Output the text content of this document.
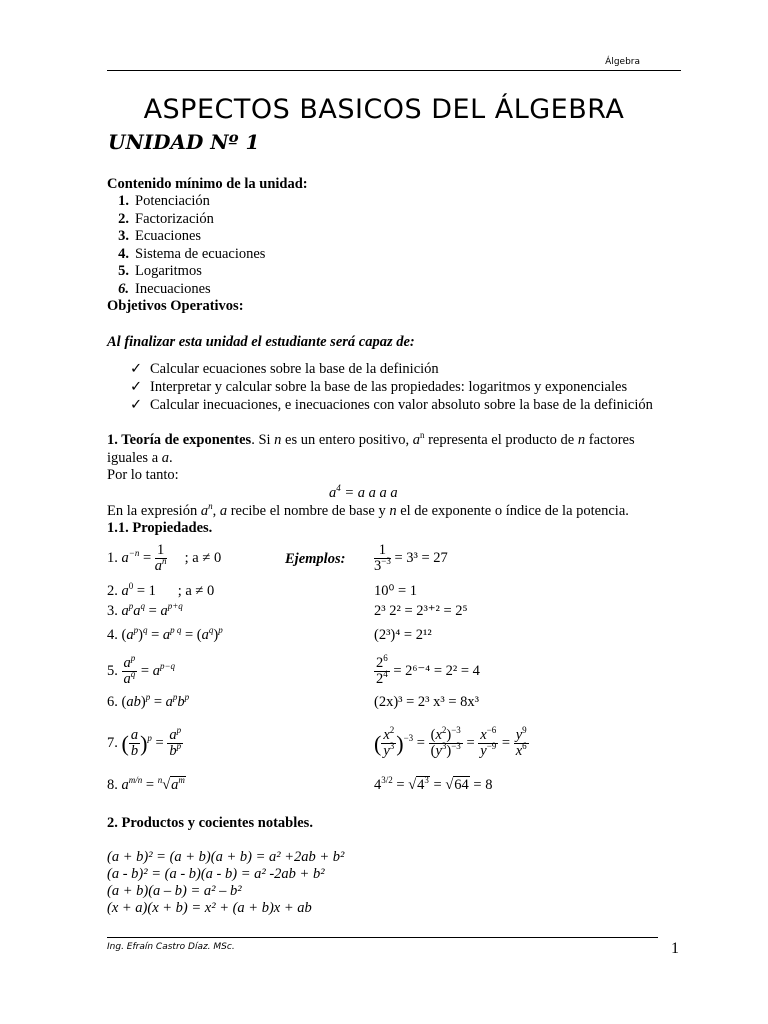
Álgebra
ASPECTOS BASICOS DEL ÁLGEBRA
UNIDAD Nº 1
Contenido mínimo de la unidad:
1. Potenciación
2. Factorización
3. Ecuaciones
4. Sistema de ecuaciones
5. Logaritmos
6. Inecuaciones
Objetivos Operativos:
Al finalizar esta unidad el estudiante será capaz de:
✓ Calcular ecuaciones sobre la base de la definición
✓ Interpretar y calcular sobre la base de las propiedades: logaritmos y exponenciales
✓ Calcular inecuaciones, e inecuaciones con valor absoluto sobre la base de la definición
1. Teoría de exponentes. Si n es un entero positivo, $a^n$ representa el producto de n factores
iguales a a.
Por lo tanto:
$a^4 = a$ a a a
En la expresión $a^n$, a recibe el nombre de base y n el de exponente o índice de la potencia.
1.1. Propiedades.
1. $a^{-n} = \frac{1}{a^n}$ ; a ≠ 0	Ejemplos: $\frac{1}{3^{-3}} = 3^3 = 27$
2. $a^0 = 1$      ; a ≠ 0	10⁰ = 1
3. $a^pa^q = a^{p+q}$	2³ 2² = 2³⁺² = 2⁵
4. $(a^p)^q = a^{p q} = (a^q)^p$	(2³)⁴ = 2¹²
5. $\frac{a^p}{a^q} = a^{p-q}$	$\frac{2^6}{2^4} = 2^{6-4} = 2^2 = 4$
6. $(ab)^p = a^pb^p$	(2x)³ = 2³ x³ = 8x³
7. ( $\frac{a}{b} )^p = \frac{a^p}{b^p}$	( $\frac{x^2}{y^3} )^{-3} = \frac{(x^2)^{-3}}{(y^3)^{-3}} = \frac{x^{-6}}{y^{-9}} = \frac{y^9}{x^6}$
8. $a^{m/n} = ^n√a^m$	$4^{3/2} = √4^3 = √64 = 8$
2. Productos y cocientes notables.
(a + b)² = (a + b)(a + b) = a² +2ab + b²
(a - b)² = (a - b)(a - b) = a² -2ab + b²
(a + b)(a – b) = a² – b²
(x + a)(x + b) = x² + (a + b)x + ab
Ing. Efraín Castro Díaz. MSc.	1
